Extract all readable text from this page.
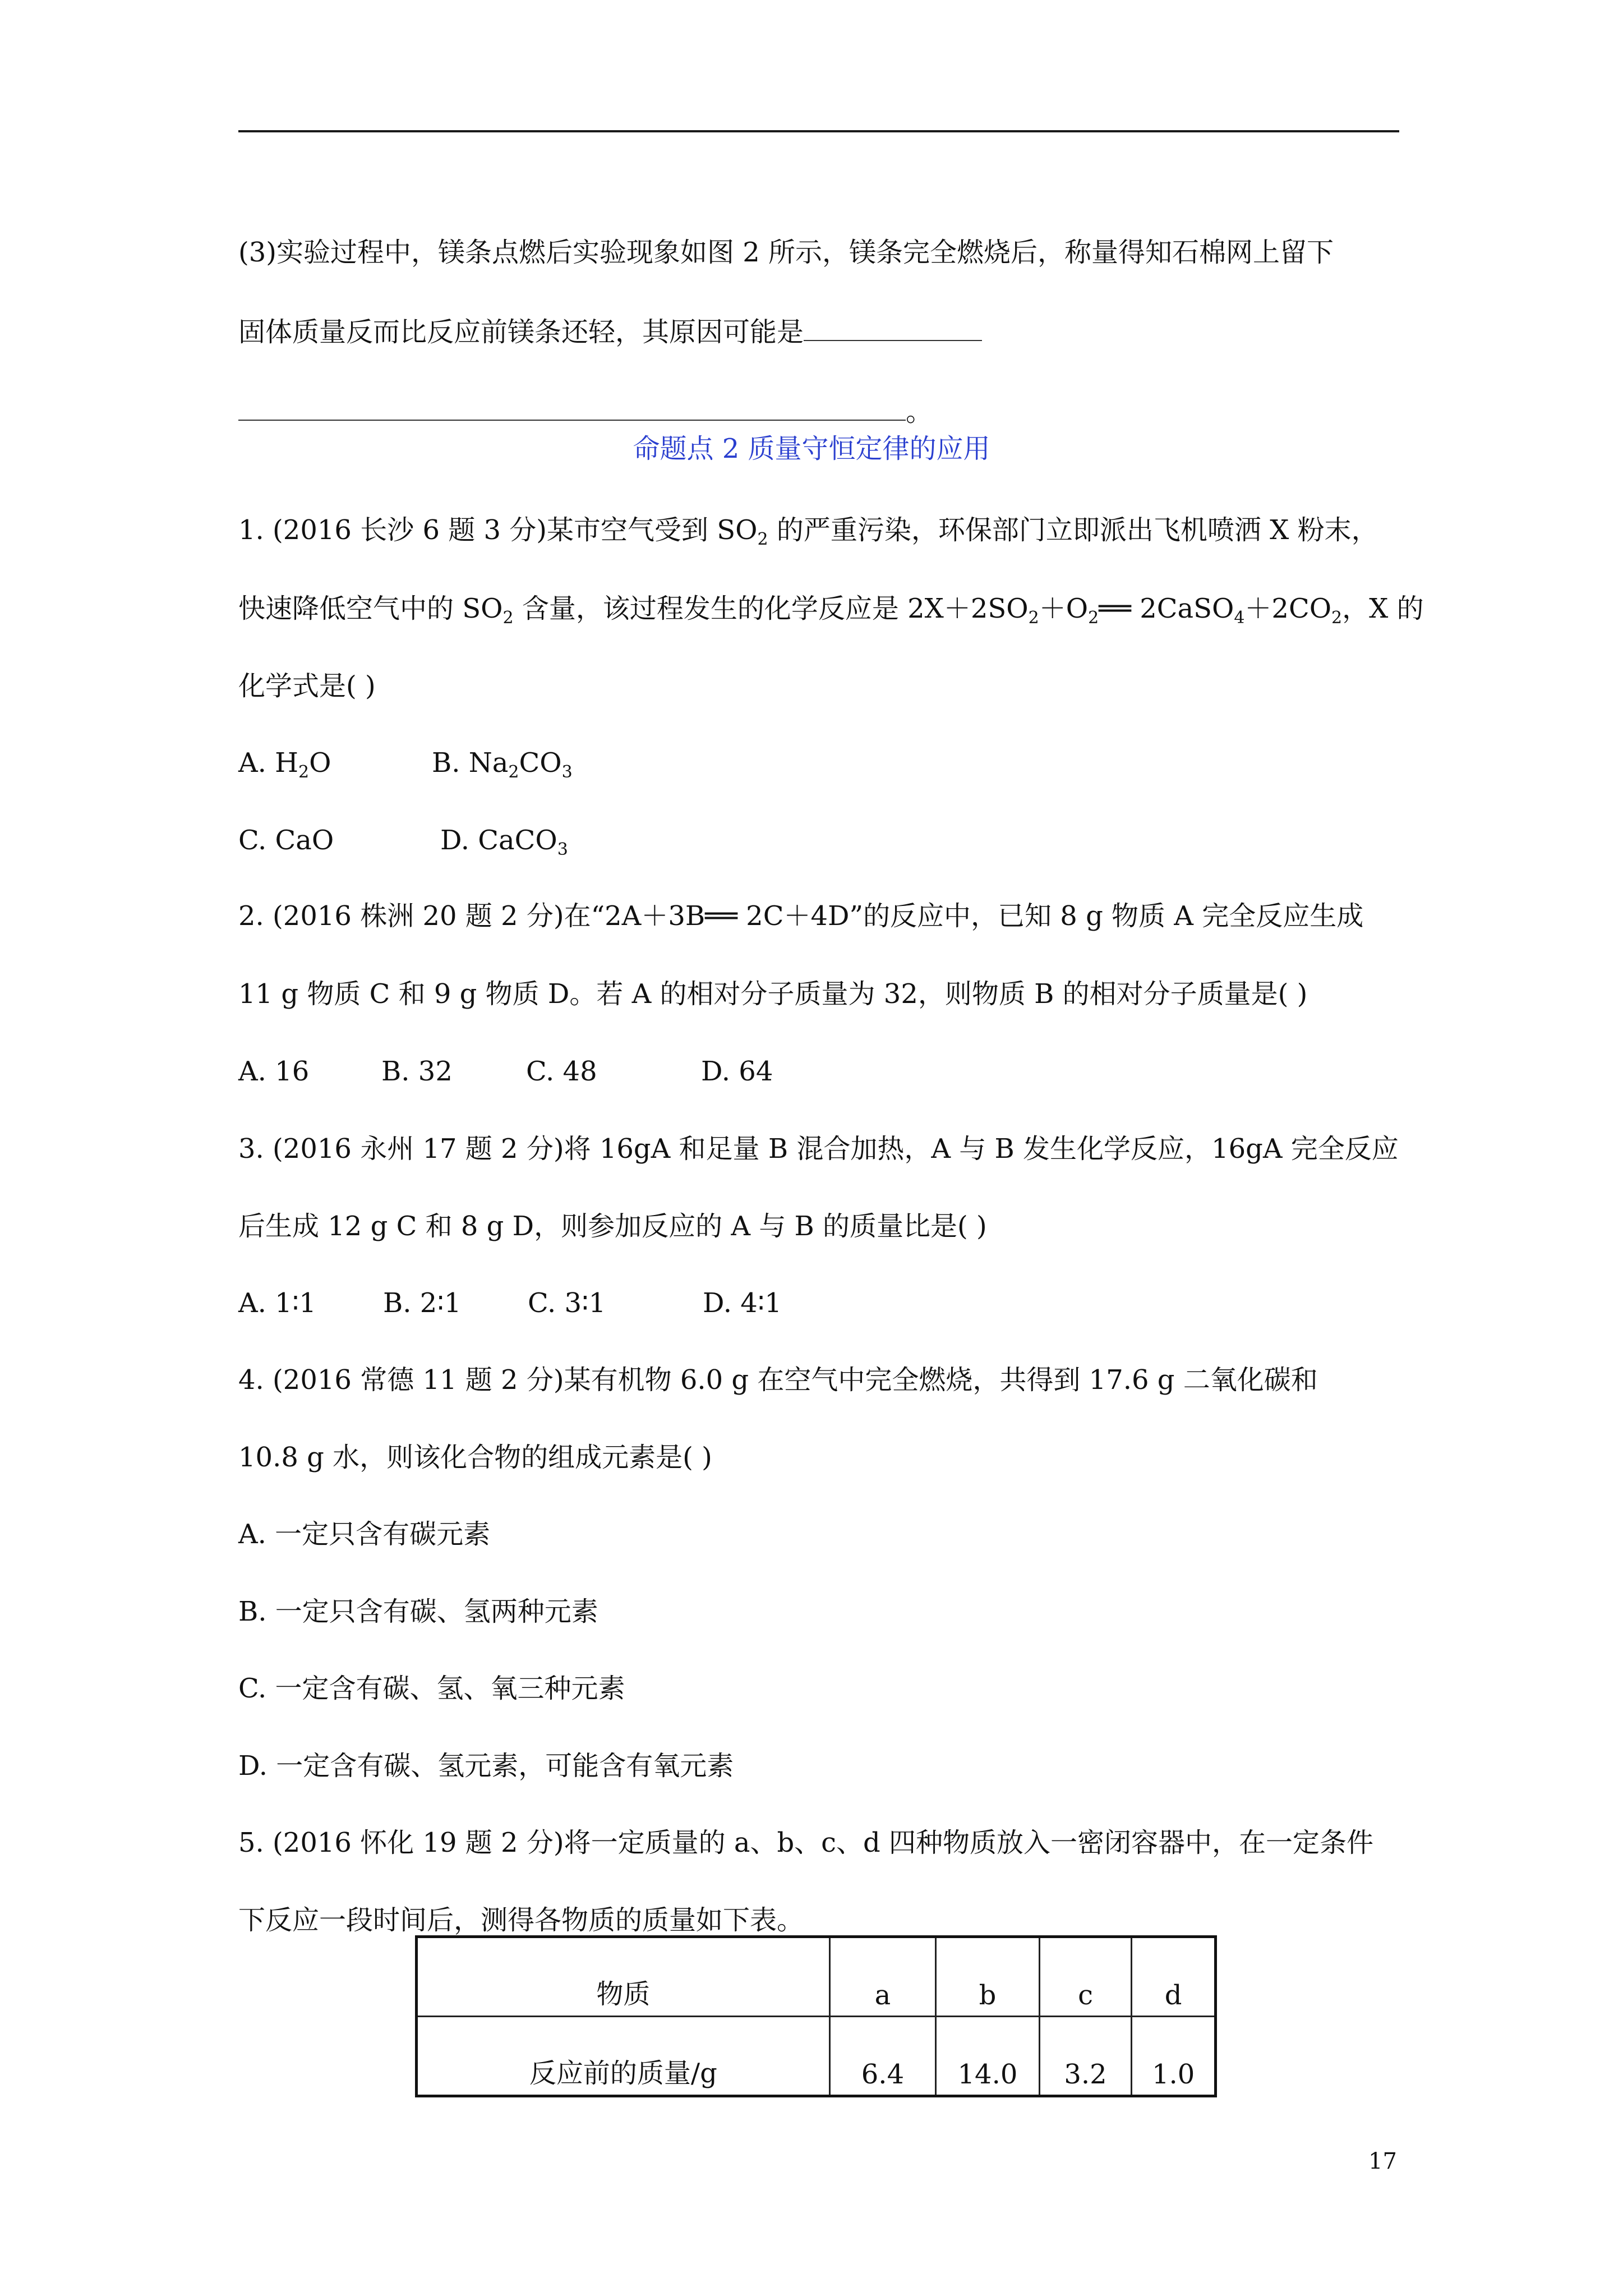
(3)实验过程中，镁条点燃后实验现象如图 2 所示，镁条完全燃烧后，称量得知石棉网上留下
固体质量反而比反应前镁条还轻，其原因可能是
。
命题点 2 质量守恒定律的应用
1. (2016 长沙 6 题 3 分)某市空气受到 $SO_2$ 的严重污染，环保部门立即派出飞机喷洒 X 粉末，
快速降低空气中的 $SO_2$ 含量，该过程发生的化学反应是 $2X+2SO_2+O_2══$ $2CaSO_4+2CO_2$，X 的
化学式是( )
A. $H_2O$	B. $Na_2CO_3$
C. CaO	D. CaCO$_3$
2. (2016 株洲 20 题 2 分)在“2A＋3B══ 2C＋4D”的反应中，已知 8 g 物质 A 完全反应生成
11 g 物质 C 和 9 g 物质 D。若 A 的相对分子质量为 32，则物质 B 的相对分子质量是( )
A. 16	B. 32	C. 48	D. 64
3. (2016 永州 17 题 2 分)将 16gA 和足量 B 混合加热，A 与 B 发生化学反应，16gA 完全反应
后生成 12 g C 和 8 g D，则参加反应的 A 与 B 的质量比是( )
A. 1∶1 B. 2∶1 C. 3∶1	D. 4∶1
4. (2016 常德 11 题 2 分)某有机物 6.0 g 在空气中完全燃烧，共得到 17.6 g 二氧化碳和
10.8 g 水，则该化合物的组成元素是( )
A. 一定只含有碳元素
B. 一定只含有碳、氢两种元素
C. 一定含有碳、氢、氧三种元素
D. 一定含有碳、氢元素，可能含有氧元素
5. (2016 怀化 19 题 2 分)将一定质量的 a、b、c、d 四种物质放入一密闭容器中，在一定条件
下反应一段时间后，测得各物质的质量如下表。
物质	a	b	c	d
反应前的质量/g	6.4	14.0	3.2	1.0
17
